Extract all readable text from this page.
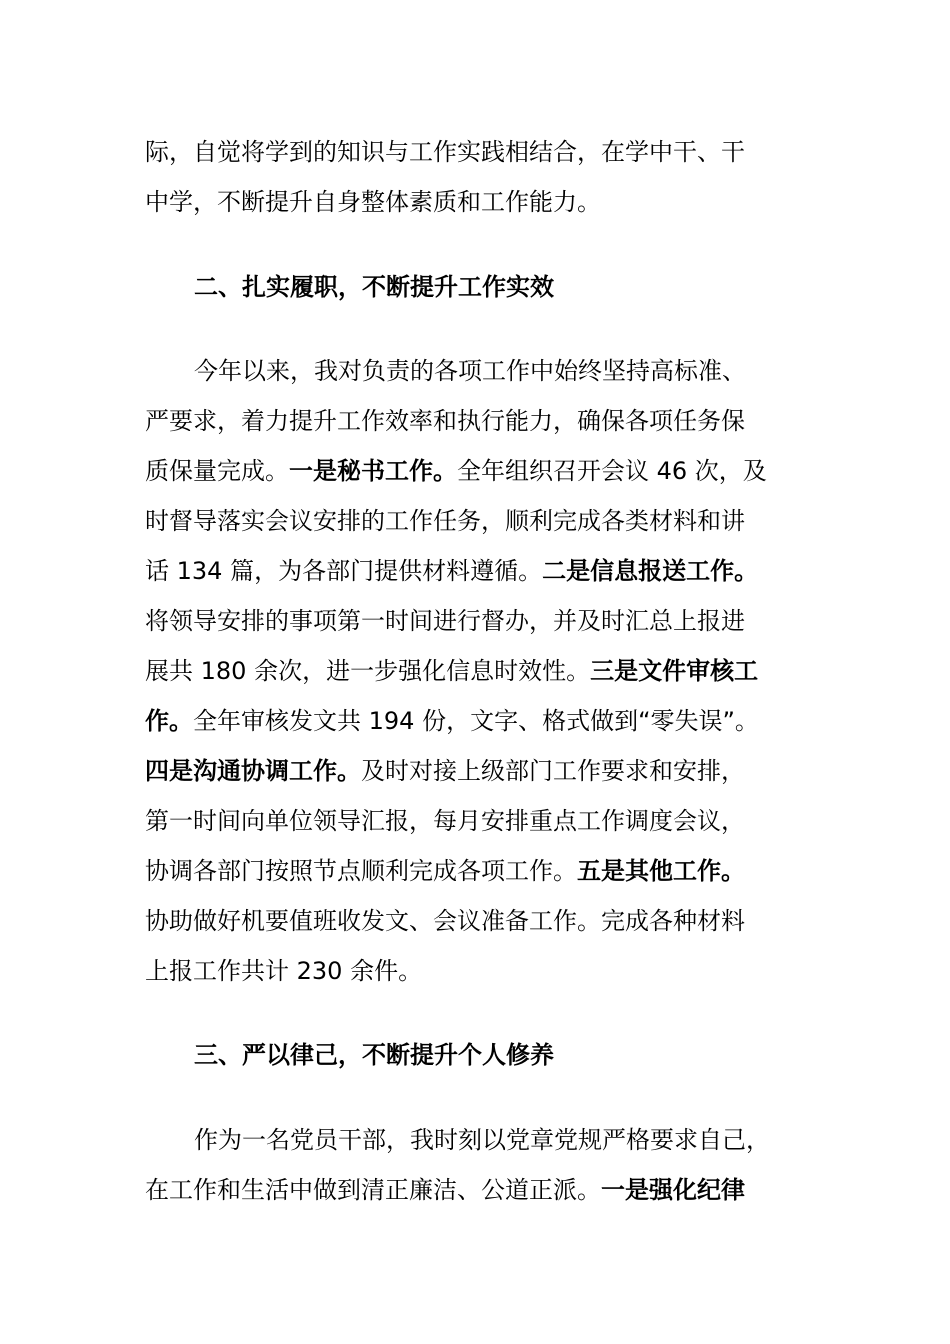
际，自觉将学到的知识与工作实践相结合，在学中干、干
中学，不断提升自身整体素质和工作能力。
二、扎实履职，不断提升工作实效
今年以来，我对负责的各项工作中始终坚持高标准、
严要求，着力提升工作效率和执行能力，确保各项任务保
质保量完成。一是秘书工作。全年组织召开会议 46 次，及
时督导落实会议安排的工作任务，顺利完成各类材料和讲
话 134 篇，为各部门提供材料遵循。二是信息报送工作。
将领导安排的事项第一时间进行督办，并及时汇总上报进
展共 180 余次，进一步强化信息时效性。三是文件审核工
作。全年审核发文共 194 份，文字、格式做到“零失误”。
四是沟通协调工作。及时对接上级部门工作要求和安排，
第一时间向单位领导汇报，每月安排重点工作调度会议，
协调各部门按照节点顺利完成各项工作。五是其他工作。
协助做好机要值班收发文、会议准备工作。完成各种材料
上报工作共计 230 余件。
三、严以律己，不断提升个人修养
作为一名党员干部，我时刻以党章党规严格要求自己，
在工作和生活中做到清正廉洁、公道正派。一是强化纪律
